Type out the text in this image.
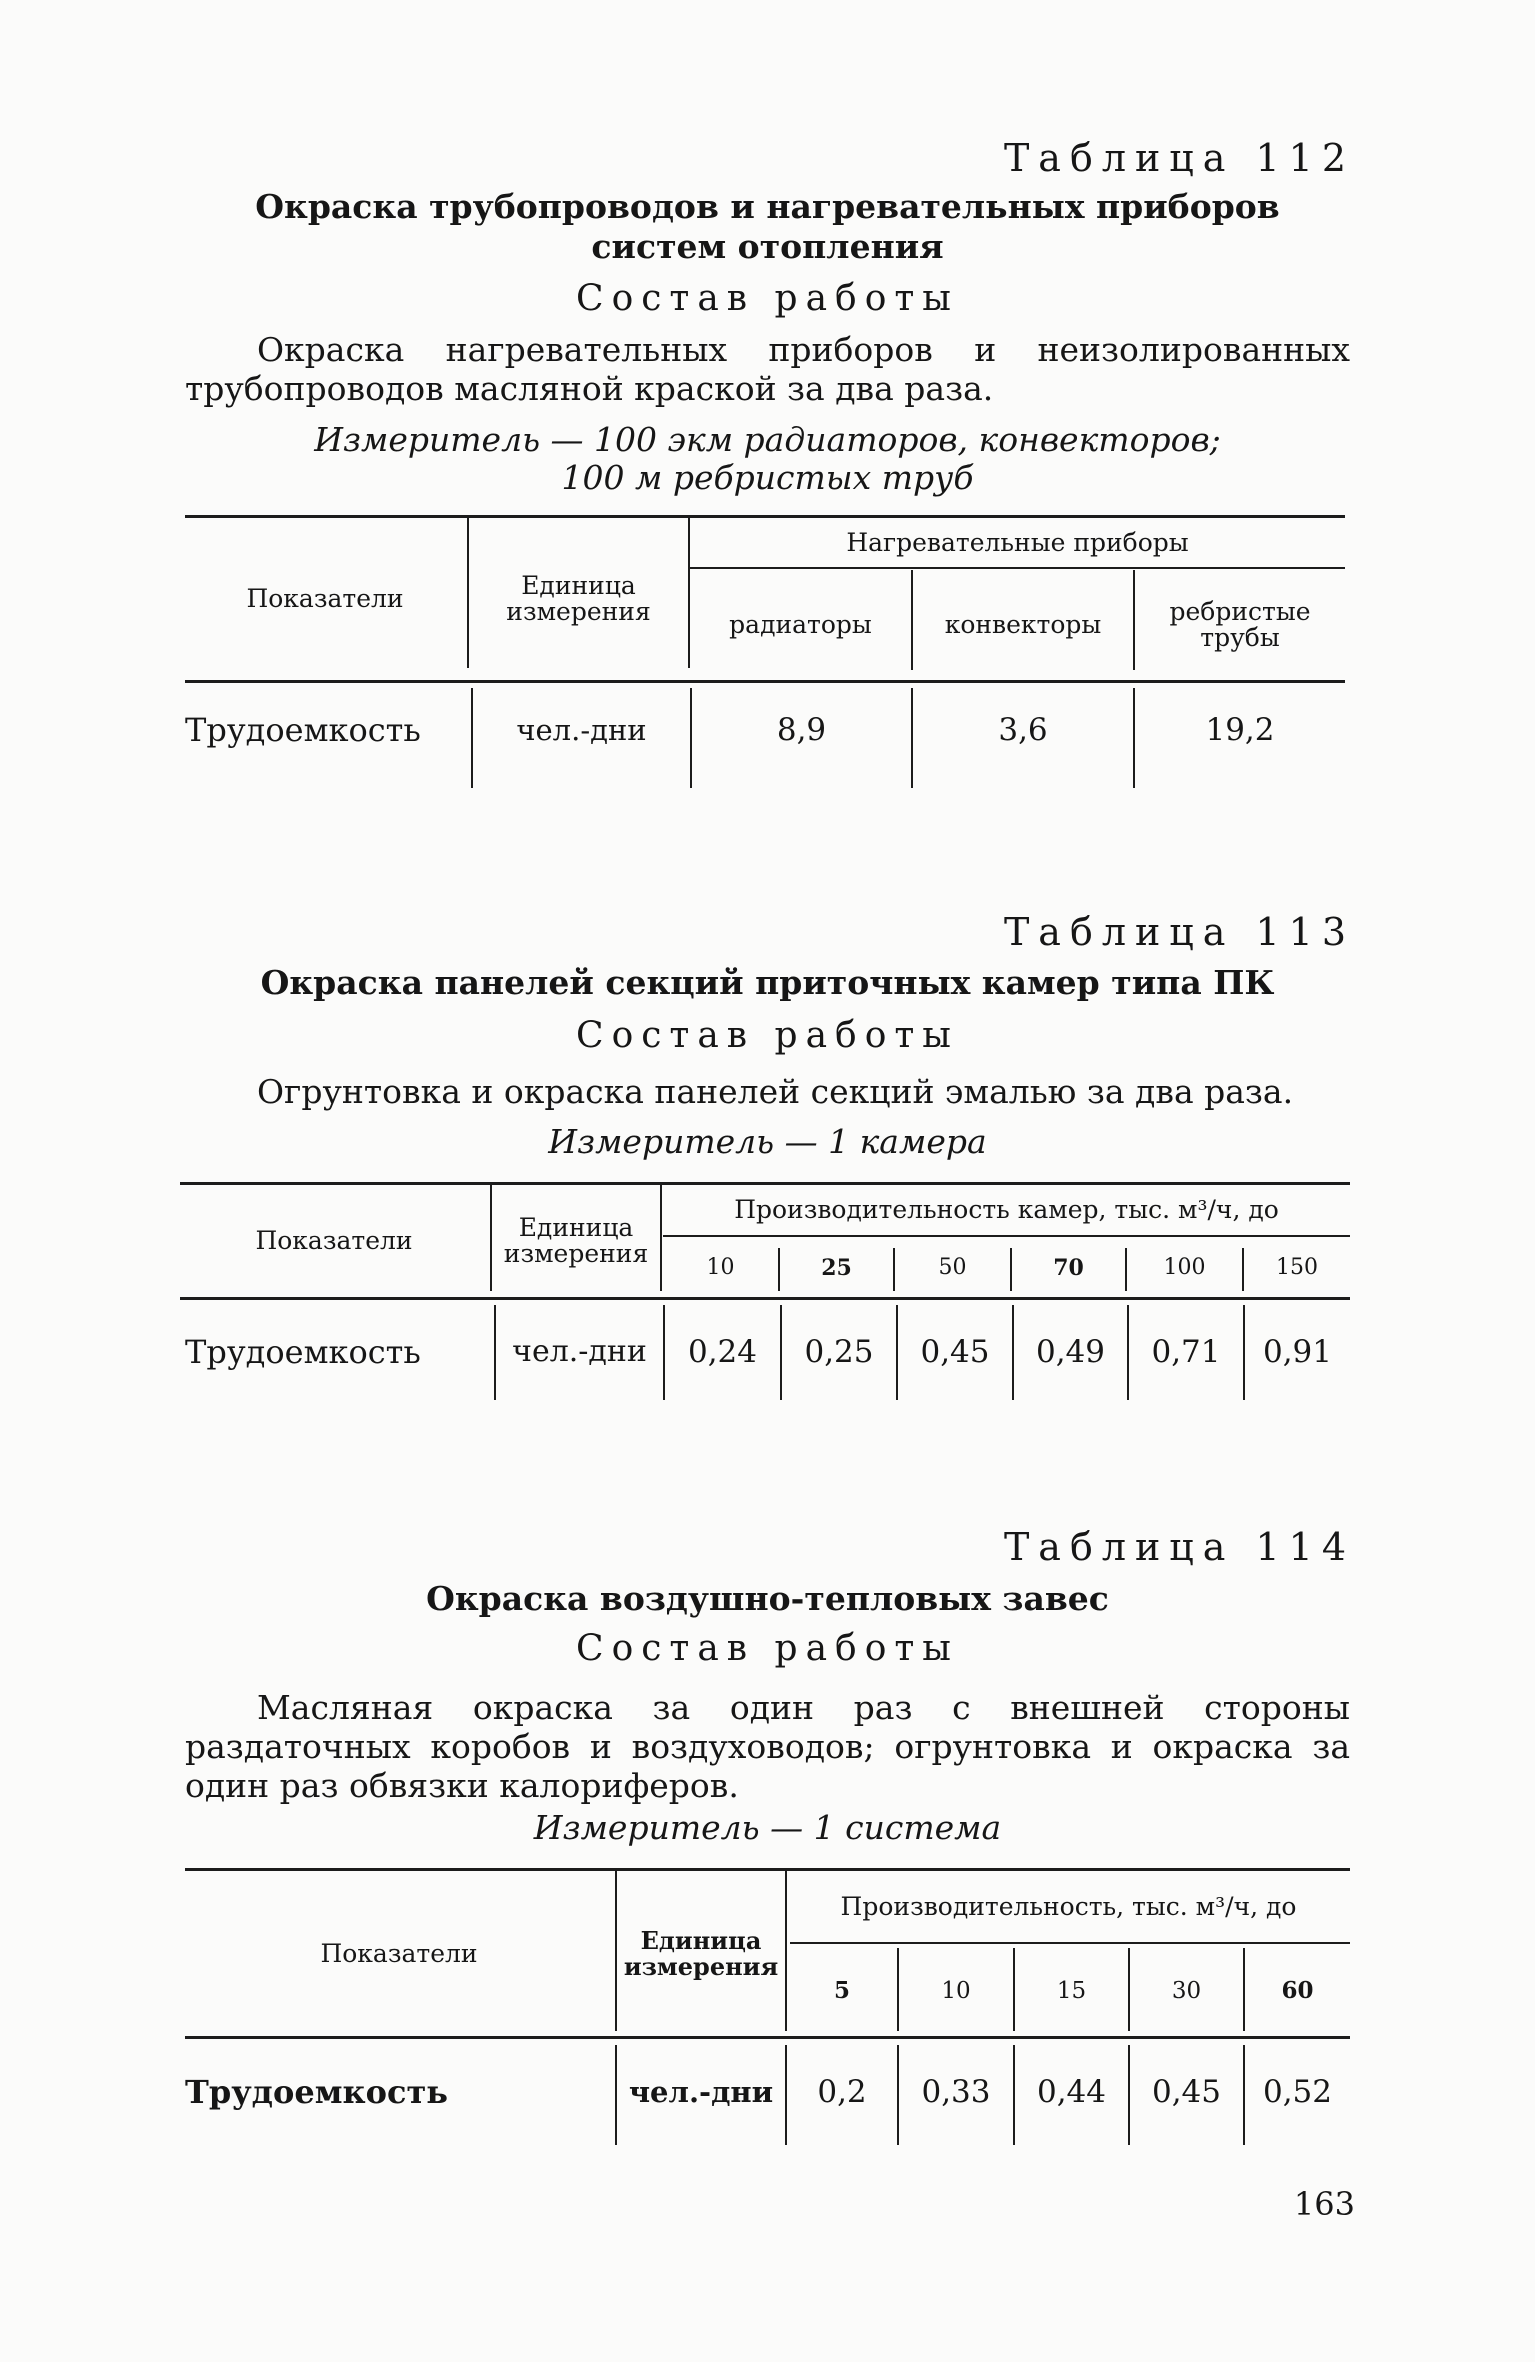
Таблица 112
Окраска трубопроводов и нагревательных приборов
систем отопления
Состав работы
Окраска нагревательных приборов и неизолированных трубопроводов масляной краской за два раза.
Измеритель — 100 экм радиаторов, конвекторов;
100 м ребристых труб
Показатели	Единица измерения
Нагревательные приборы
радиаторы	конвекторы	ребристые трубы
Трудоемкость	чел.-дни	8,9	3,6	19,2
Таблица 113
Окраска панелей секций приточных камер типа ПК
Состав работы
Огрунтовка и окраска панелей секций эмалью за два раза.
Измеритель — 1 камера
Показатели	Единица измерения
Производительность камер, тыс. м³/ч, до
10	25	50	70	100	150
Трудоемкость	чел.-дни	0,24	0,25	0,45	0,49	0,71	0,91
Таблица 114
Окраска воздушно-тепловых завес
Состав работы
Масляная окраска за один раз с внешней стороны раздаточных коробов и воздуховодов; огрунтовка и окраска за один раз обвязки калориферов.
Измеритель — 1 система
Показатели	Единица измерения
Производительность, тыс. м³/ч, до
5	10	15	30	60
Трудоемкость	чел.-дни	0,2	0,33	0,44	0,45	0,52
163
